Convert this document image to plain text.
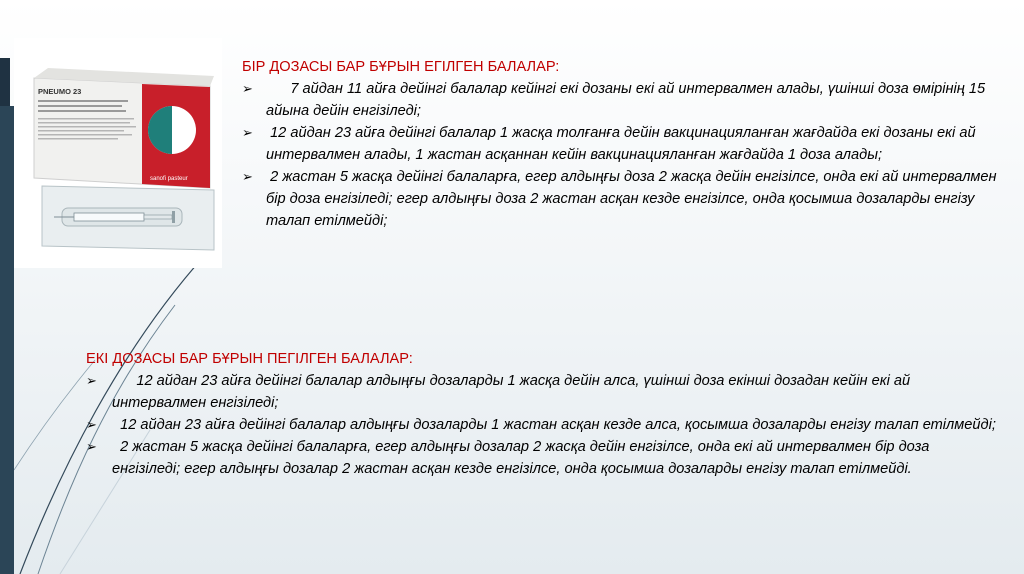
PNEUMO 23
sanofi pasteur
БІР ДОЗАСЫ БАР БҰРЫН ЕГІЛГЕН БАЛАЛАР:
➢ 7 айдан 11 айға дейінгі балалар кейінгі екі дозаны екі ай интервалмен алады, үшінші доза өмірінің 15 айына дейін енгізіледі;
➢ 12 айдан 23 айға дейінгі балалар 1 жасқа толғанға дейін вакцинацияланған жағдайда екі дозаны екі ай интервалмен алады, 1 жастан асқаннан кейін вакцинацияланған жағдайда 1 доза алады;
➢ 2 жастан 5 жасқа дейінгі балаларға, егер алдыңғы доза 2 жасқа дейін енгізілсе, онда екі ай интервалмен бір доза енгізіледі; егер алдыңғы доза 2 жастан асқан кезде енгізілсе, онда қосымша дозаларды енгізу талап етілмейді;
ЕКІ ДОЗАСЫ БАР БҰРЫН ПЕГІЛГЕН БАЛАЛАР:
➢	12 айдан 23 айға дейінгі балалар алдыңғы дозаларды 1 жасқа дейін алса, үшінші доза екінші дозадан кейін екі ай интервалмен енгізіледі;
➢	12 айдан 23 айға дейінгі балалар алдыңғы дозаларды 1 жастан асқан кезде алса, қосымша дозаларды енгізу талап етілмейді;
➢	2 жастан 5 жасқа дейінгі балаларға, егер алдыңғы дозалар 2 жасқа дейін енгізілсе, онда екі ай интервалмен бір доза енгізіледі; егер алдыңғы дозалар 2 жастан асқан кезде енгізілсе, онда қосымша дозаларды енгізу талап етілмейді.
